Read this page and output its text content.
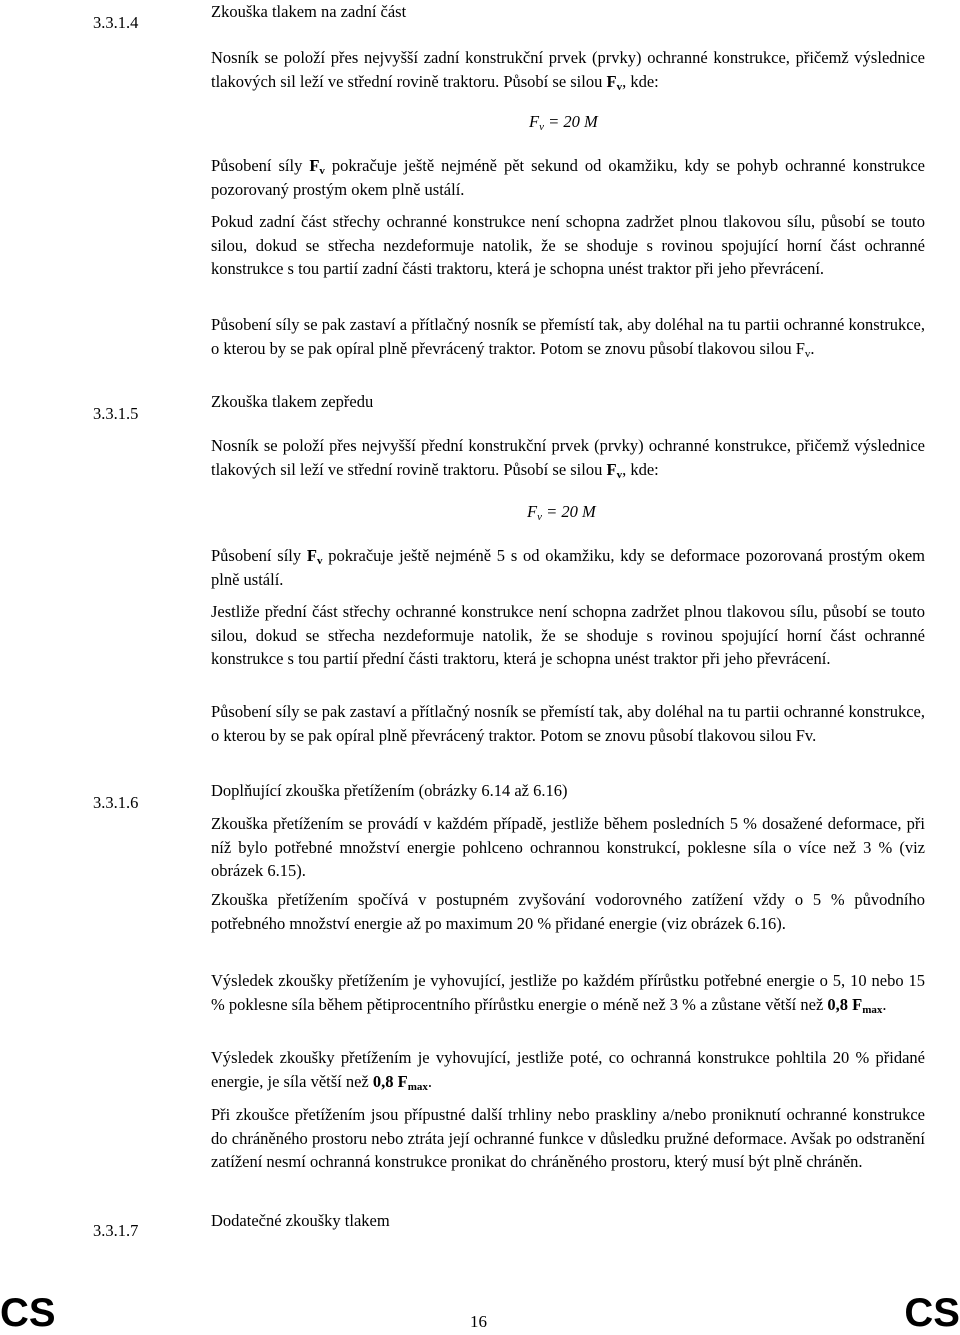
3.3.1.4
Zkouška tlakem na zadní část
Nosník se položí přes nejvyšší zadní konstrukční prvek (prvky) ochranné konstrukce, přičemž výslednice tlakových sil leží ve střední rovině traktoru. Působí se silou $F_v$, kde:
$F_v = 20$ M
Působení síly $F_v$ pokračuje ještě nejméně pět sekund od okamžiku, kdy se pohyb ochranné konstrukce pozorovaný prostým okem plně ustálí.
Pokud zadní část střechy ochranné konstrukce není schopna zadržet plnou tlakovou sílu, působí se touto silou, dokud se střecha nezdeformuje natolik, že se shoduje s rovinou spojující horní část ochranné konstrukce s tou partií zadní části traktoru, která je schopna unést traktor při jeho převrácení.
Působení síly se pak zastaví a přítlačný nosník se přemístí tak, aby doléhal na tu partii ochranné konstrukce, o kterou by se pak opíral plně převrácený traktor. Potom se znovu působí tlakovou silou $F_v$.
3.3.1.5
Zkouška tlakem zepředu
Nosník se položí přes nejvyšší přední konstrukční prvek (prvky) ochranné konstrukce, přičemž výslednice tlakových sil leží ve střední rovině traktoru. Působí se silou $F_v$, kde:
$F_v = 20$ M
Působení síly $F_v$ pokračuje ještě nejméně 5 s od okamžiku, kdy se deformace pozorovaná prostým okem plně ustálí.
Jestliže přední část střechy ochranné konstrukce není schopna zadržet plnou tlakovou sílu, působí se touto silou, dokud se střecha nezdeformuje natolik, že se shoduje s rovinou spojující horní část ochranné konstrukce s tou partií přední části traktoru, která je schopna unést traktor při jeho převrácení.
Působení síly se pak zastaví a přítlačný nosník se přemístí tak, aby doléhal na tu partii ochranné konstrukce, o kterou by se pak opíral plně převrácený traktor. Potom se znovu působí tlakovou silou Fv.
3.3.1.6
Doplňující zkouška přetížením (obrázky 6.14 až 6.16)
Zkouška přetížením se provádí v každém případě, jestliže během posledních 5 % dosažené deformace, při níž bylo potřebné množství energie pohlceno ochrannou konstrukcí, poklesne síla o více než 3 % (viz obrázek 6.15).
Zkouška přetížením spočívá v postupném zvyšování vodorovného zatížení vždy o 5 % původního potřebného množství energie až po maximum 20 % přidané energie (viz obrázek 6.16).
Výsledek zkoušky přetížením je vyhovující, jestliže po každém přírůstku potřebné energie o 5, 10 nebo 15 % poklesne síla během pětiprocentního přírůstku energie o méně než 3 % a zůstane větší než 0,8 $F_{max}$.
Výsledek zkoušky přetížením je vyhovující, jestliže poté, co ochranná konstrukce pohltila 20 % přidané energie, je síla větší než 0,8 $F_{max}$.
Při zkoušce přetížením jsou přípustné další trhliny nebo praskliny a/nebo proniknutí ochranné konstrukce do chráněného prostoru nebo ztráta její ochranné funkce v důsledku pružné deformace. Avšak po odstranění zatížení nesmí ochranná konstrukce pronikat do chráněného prostoru, který musí být plně chráněn.
3.3.1.7
Dodatečné zkoušky tlakem
CS	16	CS
